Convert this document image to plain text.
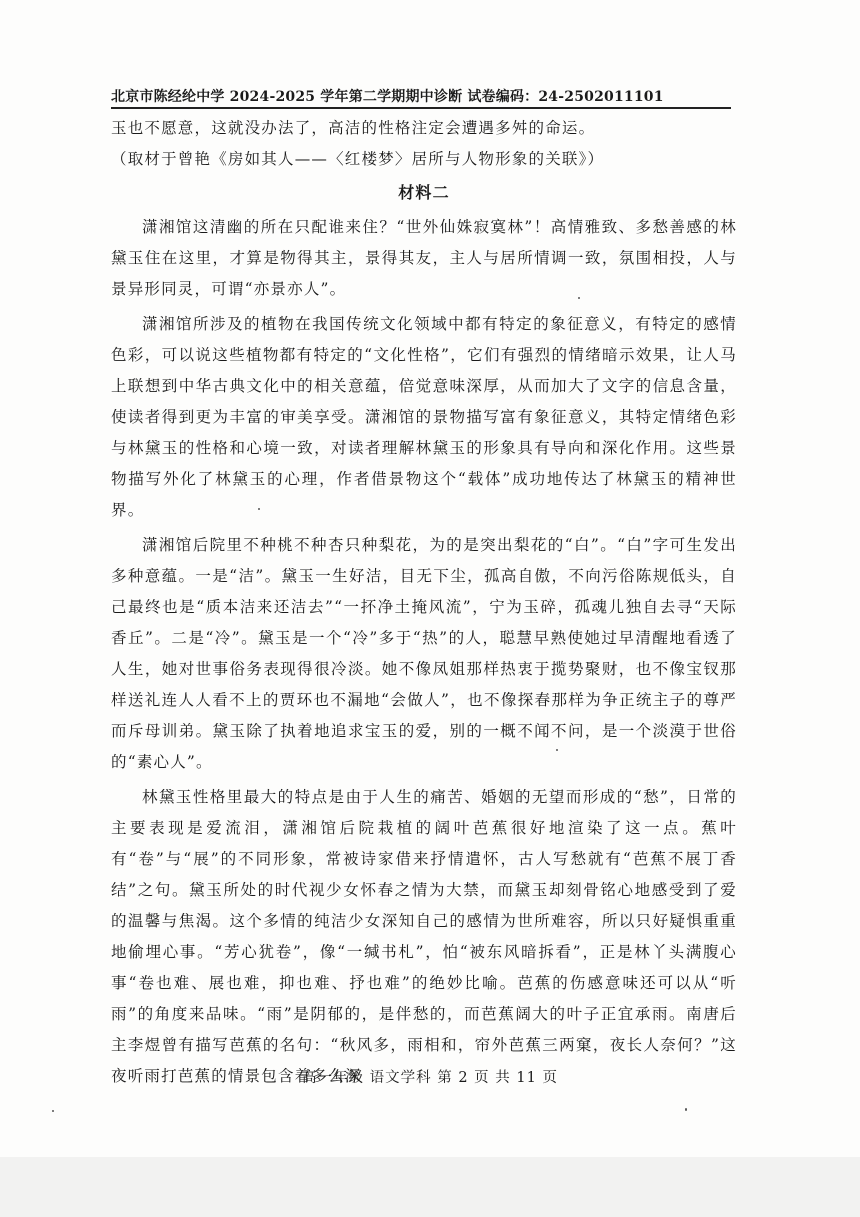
北京市陈经纶中学 2024-2025 学年第二学期期中诊断 试卷编码：24-2502011101

玉也不愿意，这就没办法了，高洁的性格注定会遭遇多舛的命运。

（取材于曾艳《房如其人——〈红楼梦〉居所与人物形象的关联》）

材料二

潇湘馆这清幽的所在只配谁来住？“世外仙姝寂寞林”！高情雅致、多愁善感的林黛玉住在这里，才算是物得其主，景得其友，主人与居所情调一致，氛围相投，人与景异形同灵，可谓“亦景亦人”。

潇湘馆所涉及的植物在我国传统文化领域中都有特定的象征意义，有特定的感情色彩，可以说这些植物都有特定的“文化性格”，它们有强烈的情绪暗示效果，让人马上联想到中华古典文化中的相关意蕴，倍觉意味深厚，从而加大了文字的信息含量，使读者得到更为丰富的审美享受。潇湘馆的景物描写富有象征意义，其特定情绪色彩与林黛玉的性格和心境一致，对读者理解林黛玉的形象具有导向和深化作用。这些景物描写外化了林黛玉的心理，作者借景物这个“载体”成功地传达了林黛玉的精神世界。

潇湘馆后院里不种桃不种杏只种梨花，为的是突出梨花的“白”。“白”字可生发出多种意蕴。一是“洁”。黛玉一生好洁，目无下尘，孤高自傲，不向污俗陈规低头，自己最终也是“质本洁来还洁去”“一抔净土掩风流”，宁为玉碎，孤魂儿独自去寻“天际香丘”。二是“冷”。黛玉是一个“冷”多于“热”的人，聪慧早熟使她过早清醒地看透了人生，她对世事俗务表现得很冷淡。她不像凤姐那样热衷于揽势聚财，也不像宝钗那样送礼连人人看不上的贾环也不漏地“会做人”，也不像探春那样为争正统主子的尊严而斥母训弟。黛玉除了执着地追求宝玉的爱，别的一概不闻不问，是一个淡漠于世俗的“素心人”。

林黛玉性格里最大的特点是由于人生的痛苦、婚姻的无望而形成的“愁”，日常的主要表现是爱流泪，潇湘馆后院栽植的阔叶芭蕉很好地渲染了这一点。蕉叶有“卷”与“展”的不同形象，常被诗家借来抒情遣怀，古人写愁就有“芭蕉不展丁香结”之句。黛玉所处的时代视少女怀春之情为大禁，而黛玉却刻骨铭心地感受到了爱的温馨与焦渴。这个多情的纯洁少女深知自己的感情为世所难容，所以只好疑惧重重地偷埋心事。“芳心犹卷”，像“一缄书札”，怕“被东风暗拆看”，正是林丫头满腹心事“卷也难、展也难，抑也难、抒也难”的绝妙比喻。芭蕉的伤感意味还可以从“听雨”的角度来品味。“雨”是阴郁的，是伴愁的，而芭蕉阔大的叶子正宜承雨。南唐后主李煜曾有描写芭蕉的名句：“秋风多，雨相和，帘外芭蕉三两窠，夜长人奈何？”这夜听雨打芭蕉的情景包含着多么深

高一年级 语文学科 第 2 页 共 11 页
